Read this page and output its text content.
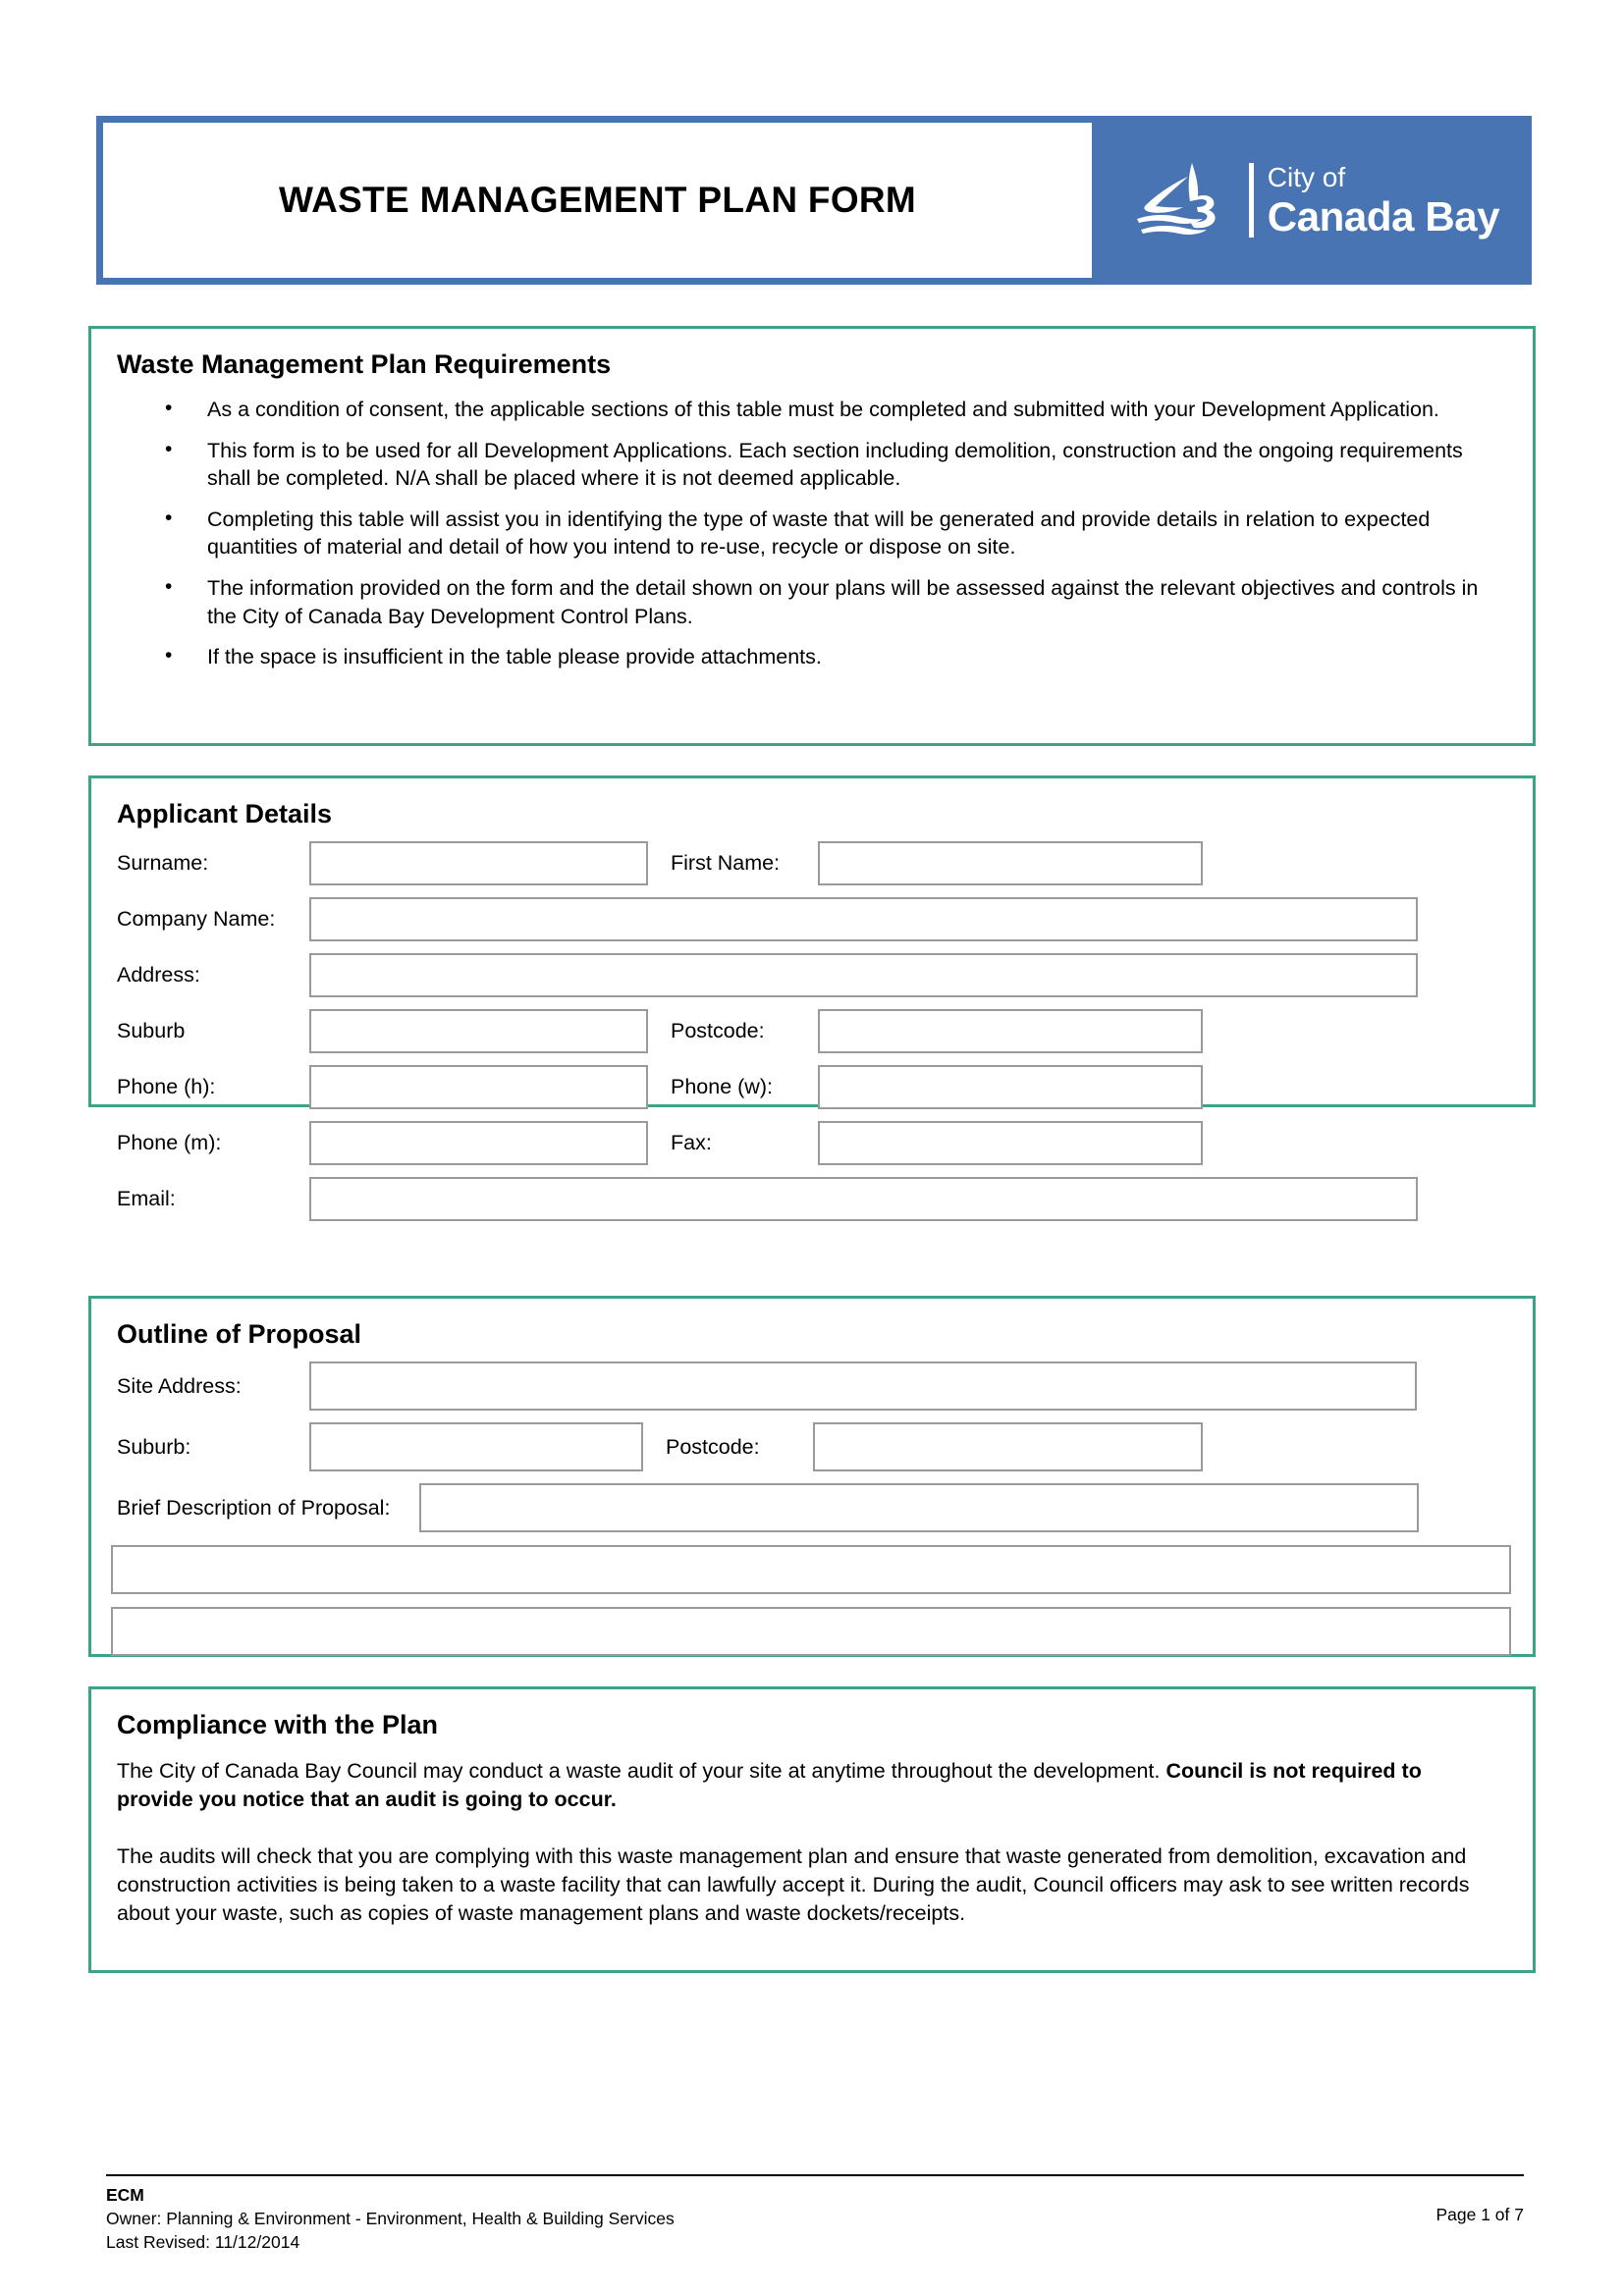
WASTE MANAGEMENT PLAN FORM
City of
Canada Bay
Waste Management Plan Requirements
• As a condition of consent, the applicable sections of this table must be completed and submitted with your Development Application.
• This form is to be used for all Development Applications. Each section including demolition, construction and the ongoing requirements shall be completed. N/A shall be placed where it is not deemed applicable.
• Completing this table will assist you in identifying the type of waste that will be generated and provide details in relation to expected quantities of material and detail of how you intend to re-use, recycle or dispose on site.
• The information provided on the form and the detail shown on your plans will be assessed against the relevant objectives and controls in the City of Canada Bay Development Control Plans.
• If the space is insufficient in the table please provide attachments.
Applicant Details
Surname:	First Name:
Company Name:
Address:
Suburb	Postcode:
Phone (h):	Phone (w):
Phone (m):	Fax:
Email:
Outline of Proposal
Site Address:
Suburb:	Postcode:
Brief Description of Proposal:
Compliance with the Plan

The City of Canada Bay Council may conduct a waste audit of your site at anytime throughout the development. Council is not required to provide you notice that an audit is going to occur.

The audits will check that you are complying with this waste management plan and ensure that waste generated from demolition, excavation and construction activities is being taken to a waste facility that can lawfully accept it. During the audit, Council officers may ask to see written records about your waste, such as copies of waste management plans and waste dockets/receipts.

ECM
Owner: Planning & Environment - Environment, Health & Building Services
Last Revised: 11/12/2014
Page 1 of 7
